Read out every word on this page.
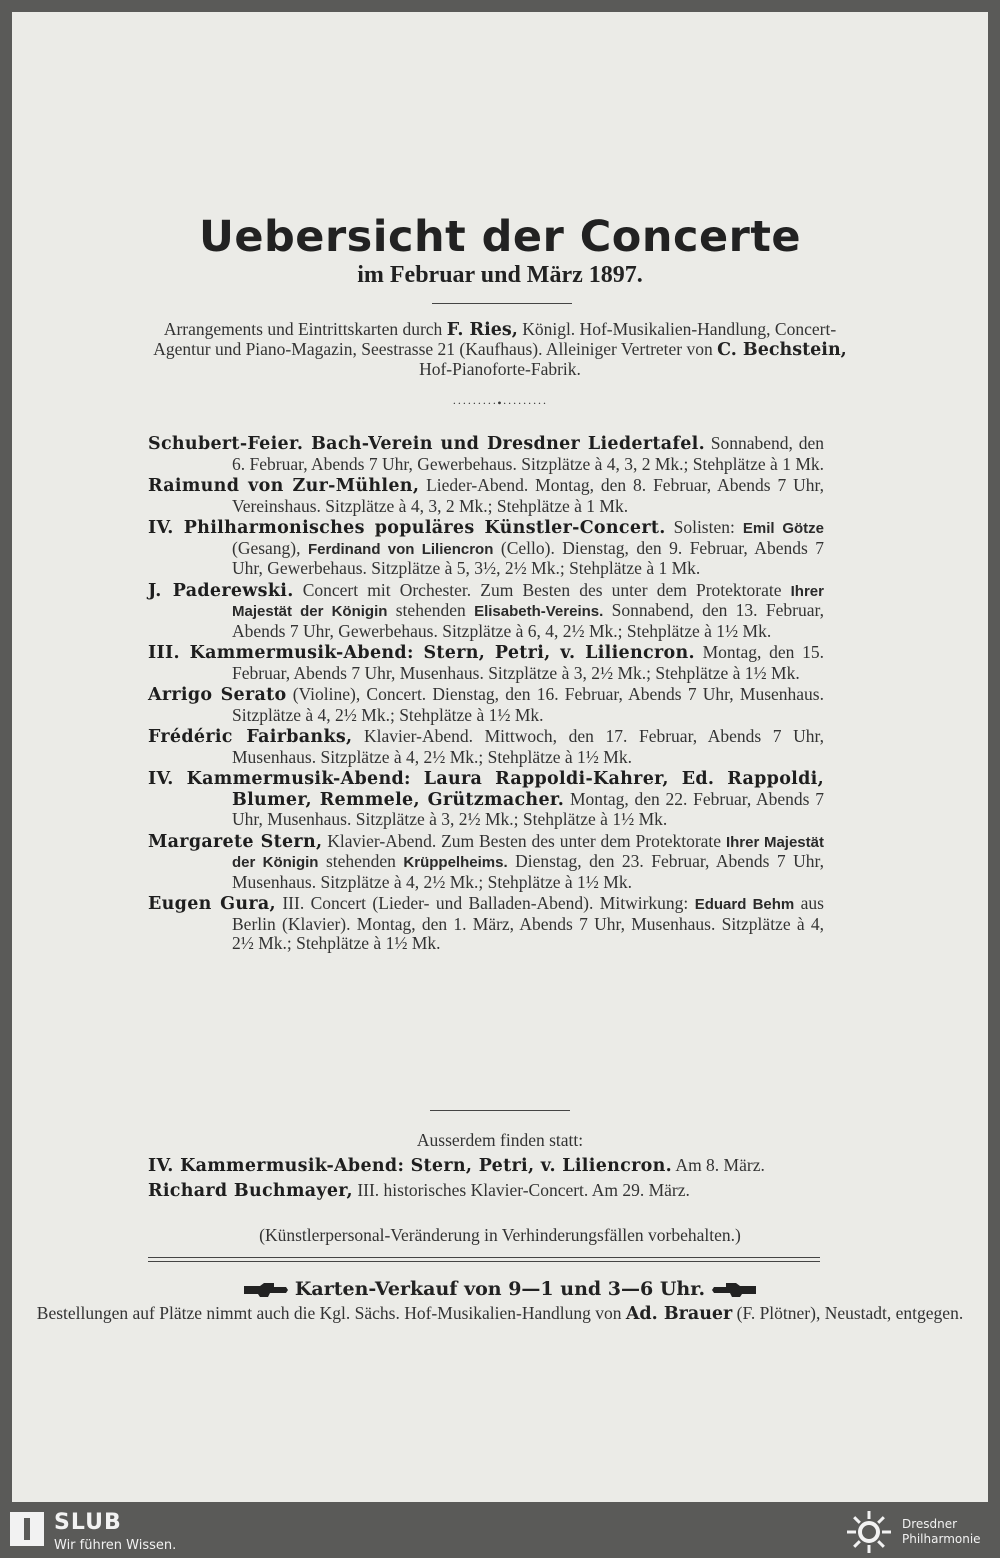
Uebersicht der Concerte
im Februar und März 1897.
Arrangements und Eintrittskarten durch F. Ries, Königl. Hof-Musikalien-Handlung, Concert-Agentur und Piano-Magazin, Seestrasse 21 (Kaufhaus). Alleiniger Vertreter von C. Bechstein, Hof-Pianoforte-Fabrik.
·········•·········
Schubert-Feier. Bach-Verein und Dresdner Liedertafel. Sonnabend, den 6. Februar, Abends 7 Uhr, Gewerbehaus. Sitzplätze à 4, 3, 2 Mk.; Stehplätze à 1 Mk.
Raimund von Zur-Mühlen, Lieder-Abend. Montag, den 8. Februar, Abends 7 Uhr, Vereinshaus. Sitzplätze à 4, 3, 2 Mk.; Stehplätze à 1 Mk.
IV. Philharmonisches populäres Künstler-Concert. Solisten: Emil Götze (Gesang), Ferdinand von Liliencron (Cello). Dienstag, den 9. Februar, Abends 7 Uhr, Gewerbehaus. Sitzplätze à 5, 3½, 2½ Mk.; Stehplätze à 1 Mk.
J. Paderewski. Concert mit Orchester. Zum Besten des unter dem Protektorate Ihrer Majestät der Königin stehenden Elisabeth-Vereins. Sonnabend, den 13. Februar, Abends 7 Uhr, Gewerbehaus. Sitzplätze à 6, 4, 2½ Mk.; Stehplätze à 1½ Mk.
III. Kammermusik-Abend: Stern, Petri, v. Liliencron. Montag, den 15. Februar, Abends 7 Uhr, Musenhaus. Sitzplätze à 3, 2½ Mk.; Stehplätze à 1½ Mk.
Arrigo Serato (Violine), Concert. Dienstag, den 16. Februar, Abends 7 Uhr, Musenhaus. Sitzplätze à 4, 2½ Mk.; Stehplätze à 1½ Mk.
Frédéric Fairbanks, Klavier-Abend. Mittwoch, den 17. Februar, Abends 7 Uhr, Musenhaus. Sitzplätze à 4, 2½ Mk.; Stehplätze à 1½ Mk.
IV. Kammermusik-Abend: Laura Rappoldi-Kahrer, Ed. Rappoldi, Blumer, Remmele, Grützmacher. Montag, den 22. Februar, Abends 7 Uhr, Musenhaus. Sitzplätze à 3, 2½ Mk.; Stehplätze à 1½ Mk.
Margarete Stern, Klavier-Abend. Zum Besten des unter dem Protektorate Ihrer Majestät der Königin stehenden Krüppelheims. Dienstag, den 23. Februar, Abends 7 Uhr, Musenhaus. Sitzplätze à 4, 2½ Mk.; Stehplätze à 1½ Mk.
Eugen Gura, III. Concert (Lieder- und Balladen-Abend). Mitwirkung: Eduard Behm aus Berlin (Klavier). Montag, den 1. März, Abends 7 Uhr, Musenhaus. Sitzplätze à 4, 2½ Mk.; Stehplätze à 1½ Mk.
Ausserdem finden statt:
IV. Kammermusik-Abend: Stern, Petri, v. Liliencron. Am 8. März.
Richard Buchmayer, III. historisches Klavier-Concert. Am 29. März.
(Künstlerpersonal-Veränderung in Verhinderungsfällen vorbehalten.)
Karten-Verkauf von 9—1 und 3—6 Uhr.
Bestellungen auf Plätze nimmt auch die Kgl. Sächs. Hof-Musikalien-Handlung von Ad. Brauer (F. Plötner), Neustadt, entgegen.
SLUB
Wir führen Wissen.
Dresdner
Philharmonie
